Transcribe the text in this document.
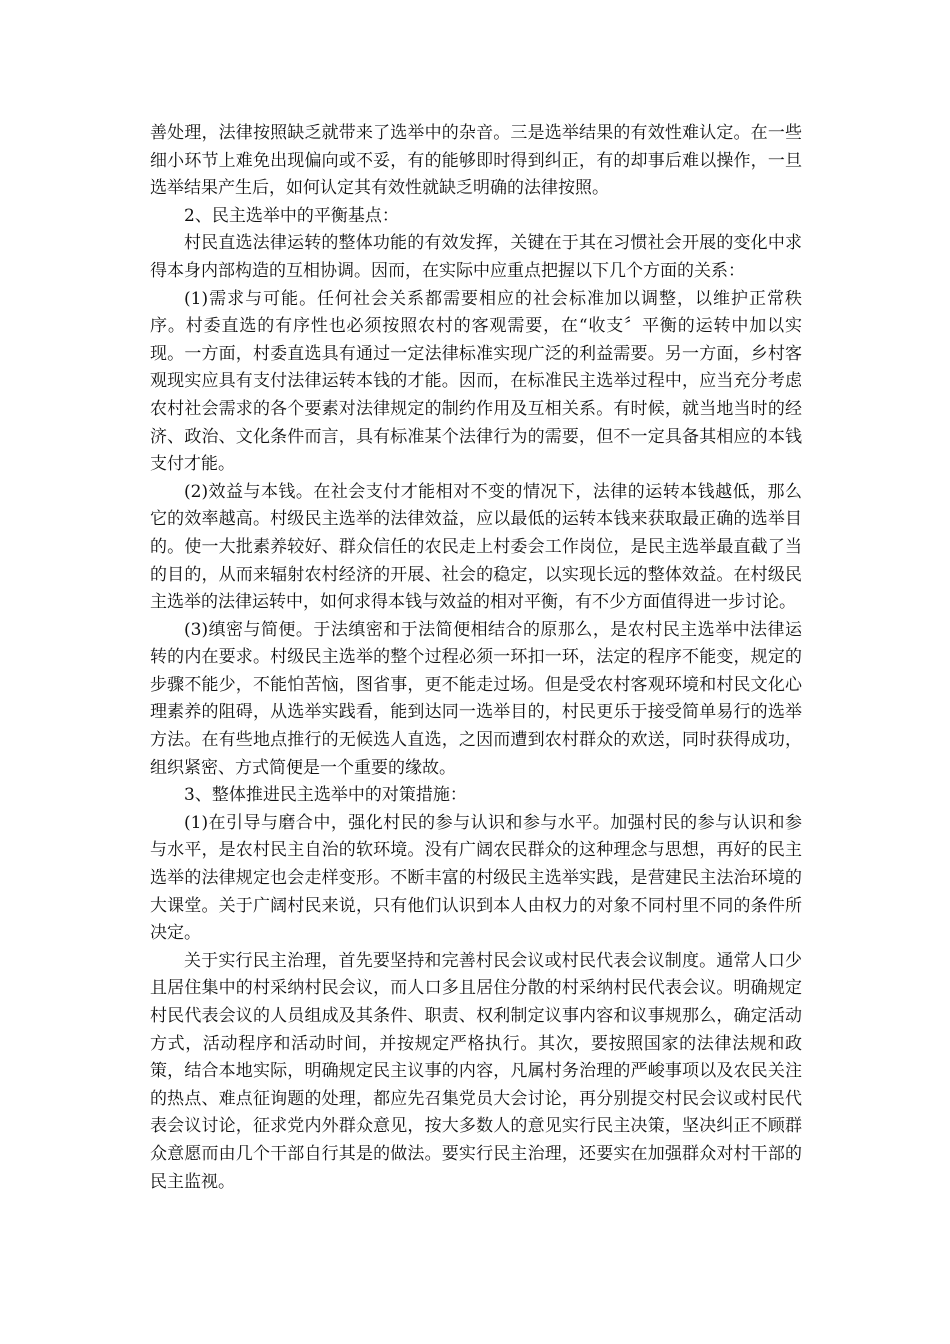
善处理，法律按照缺乏就带来了选举中的杂音。三是选举结果的有效性难认定。在一些细小环节上难免出现偏向或不妥，有的能够即时得到纠正，有的却事后难以操作，一旦选举结果产生后，如何认定其有效性就缺乏明确的法律按照。

2、民主选举中的平衡基点：

村民直选法律运转的整体功能的有效发挥，关键在于其在习惯社会开展的变化中求得本身内部构造的互相协调。因而，在实际中应重点把握以下几个方面的关系：

(1)需求与可能。任何社会关系都需要相应的社会标准加以调整，以维护正常秩序。村委直选的有序性也必须按照农村的客观需要，在“收支〞平衡的运转中加以实现。一方面，村委直选具有通过一定法律标准实现广泛的利益需要。另一方面，乡村客观现实应具有支付法律运转本钱的才能。因而，在标准民主选举过程中，应当充分考虑农村社会需求的各个要素对法律规定的制约作用及互相关系。有时候，就当地当时的经济、政治、文化条件而言，具有标准某个法律行为的需要，但不一定具备其相应的本钱支付才能。

(2)效益与本钱。在社会支付才能相对不变的情况下，法律的运转本钱越低，那么它的效率越高。村级民主选举的法律效益，应以最低的运转本钱来获取最正确的选举目的。使一大批素养较好、群众信任的农民走上村委会工作岗位，是民主选举最直截了当的目的，从而来辐射农村经济的开展、社会的稳定，以实现长远的整体效益。在村级民主选举的法律运转中，如何求得本钱与效益的相对平衡，有不少方面值得进一步讨论。

(3)缜密与简便。于法缜密和于法简便相结合的原那么，是农村民主选举中法律运转的内在要求。村级民主选举的整个过程必须一环扣一环，法定的程序不能变，规定的步骤不能少，不能怕苦恼，图省事，更不能走过场。但是受农村客观环境和村民文化心理素养的阻碍，从选举实践看，能到达同一选举目的，村民更乐于接受简单易行的选举方法。在有些地点推行的无候选人直选，之因而遭到农村群众的欢送，同时获得成功，组织紧密、方式简便是一个重要的缘故。

3、整体推进民主选举中的对策措施：

(1)在引导与磨合中，强化村民的参与认识和参与水平。加强村民的参与认识和参与水平，是农村民主自治的软环境。没有广阔农民群众的这种理念与思想，再好的民主选举的法律规定也会走样变形。不断丰富的村级民主选举实践，是营建民主法治环境的大课堂。关于广阔村民来说，只有他们认识到本人由权力的对象不同村里不同的条件所决定。

关于实行民主治理，首先要坚持和完善村民会议或村民代表会议制度。通常人口少且居住集中的村采纳村民会议，而人口多且居住分散的村采纳村民代表会议。明确规定村民代表会议的人员组成及其条件、职责、权利制定议事内容和议事规那么，确定活动方式，活动程序和活动时间，并按规定严格执行。其次，要按照国家的法律法规和政策，结合本地实际，明确规定民主议事的内容，凡属村务治理的严峻事项以及农民关注的热点、难点征询题的处理，都应先召集党员大会讨论，再分别提交村民会议或村民代表会议讨论，征求党内外群众意见，按大多数人的意见实行民主决策，坚决纠正不顾群众意愿而由几个干部自行其是的做法。要实行民主治理，还要实在加强群众对村干部的民主监视。
